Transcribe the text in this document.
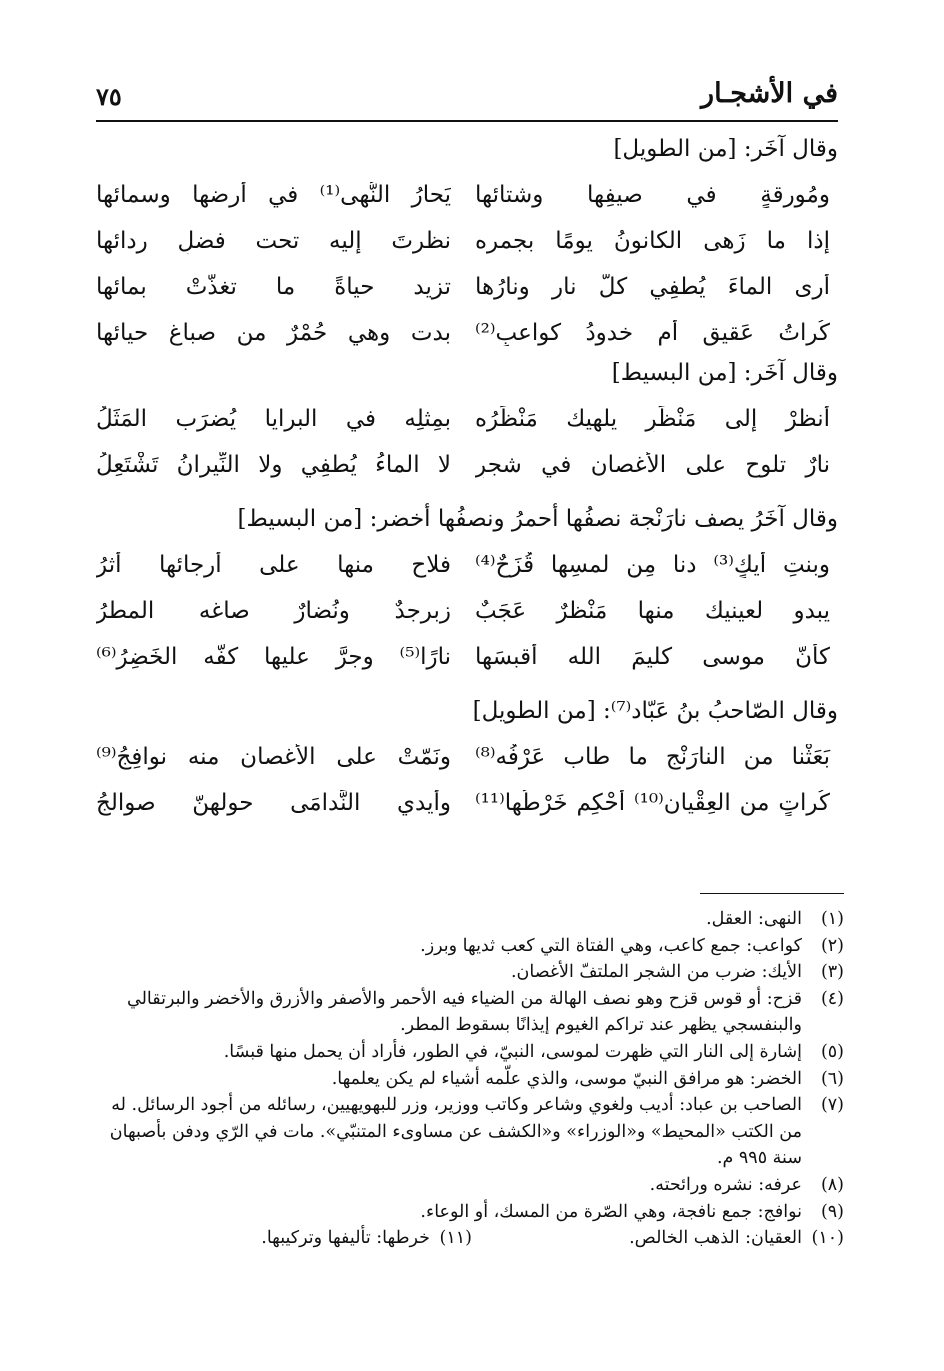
في الأشجـار
٧٥
وقال آخَر: [من الطويل]
ومُورقةٍ في صيفِها وشتائها
يَحارُ النُّهى⁽¹⁾ في أرضها وسمائها
إذا ما زَهى الكانونُ يومًا بجمره
نظرتَ إليه تحت فضلِ ردائها
أرى الماءَ يُطفِي كلَّ نارٍ ونارُها
تزيد حياةً ما تغذّتْ بمائها
كُراتُ عَقيقٍ أم خدودُ كواعبٍ⁽²⁾
بدت وهي حُمْرٌ من صباغِ حيائها
وقال آخَر: [من البسيط]
أُنظرْ إلى مَنْظَرٍ يلهيك مَنْظَرُه
بمِثلِه في البرايا يُضرَب المَثَلُ
نارٌ تلوح على الأغصان في شجرٍ
لا الماءُ يُطفِي ولا النِّيرانُ تَشْتَعِلُ
وقال آخَرُ يصف نارَنْجة نصفُها أحمرُ ونصفُها أخضر: [من البسيط]
وبنتِ أيكٍ⁽³⁾ دنا مِن لمسِها قُزَحٌ⁽⁴⁾
فلاح منها على أرجائها أثرُ
يبدو لعينيك منها مَنْظرٌ عَجَبٌ
زبرجدٌ ونُضارٌ صاغه المطرُ
كأنّ موسى كليمَ الله أقبسَها
نارًا⁽⁵⁾ وجرَّ عليها كفَّه الخَضِرُ⁽⁶⁾
وقال الصّاحبُ بنُ عَبّاد⁽⁷⁾: [من الطويل]
بَعَثْنا من النارَنْج ما طاب عَرْفُه⁽⁸⁾
ونَمّتْ على الأغصان منه نوافِجُ⁽⁹⁾
كُراتٍ من العِقْيان⁽¹⁰⁾ أُحْكِم خَرْطُها⁽¹¹⁾
وأيدي النَّدامَى حولهنّ صوالجُ
(١)
النهى: العقل.
(٢)
كواعب: جمع كاعب، وهي الفتاة التي كعب ثديها وبرز.
(٣)
الأيك: ضرب من الشجر الملتفّ الأغصان.
(٤)
قزح: أو قوس قزح وهو نصف الهالة من الضياء فيه الأحمر والأصفر والأزرق والأخضر والبرتقالي والبنفسجي يظهر عند تراكم الغيوم إيذانًا بسقوط المطر.
(٥)
إشارة إلى النار التي ظهرت لموسى، النبيّ، في الطور، فأراد أن يحمل منها قبسًا.
(٦)
الخضر: هو مرافق النبيّ موسى، والذي علّمه أشياء لم يكن يعلمها.
(٧)
الصاحب بن عباد: أديب ولغوي وشاعر وكاتب ووزير، وزر للبهويهيين، رسائله من أجود الرسائل. له من الكتب «المحيط» و«الوزراء» و«الكشف عن مساوىء المتنبّي». مات في الرّي ودفن بأصبهان سنة ٩٩٥ م.
(٨)
عرفه: نشره ورائحته.
(٩)
نوافج: جمع نافجة، وهي الصّرة من المسك، أو الوعاء.
(١٠)
العقيان: الذهب الخالص.
(١١)
خرطها: تأليفها وتركيبها.
